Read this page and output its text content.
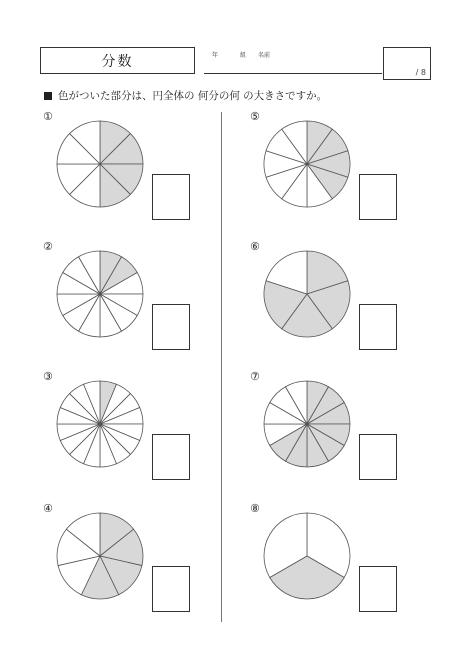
分数	年	組 名前
/ 8
色がついた部分は、円全体の 何分の何 の大きさですか。
①
②
③
④
⑤
⑥
⑦
⑧
